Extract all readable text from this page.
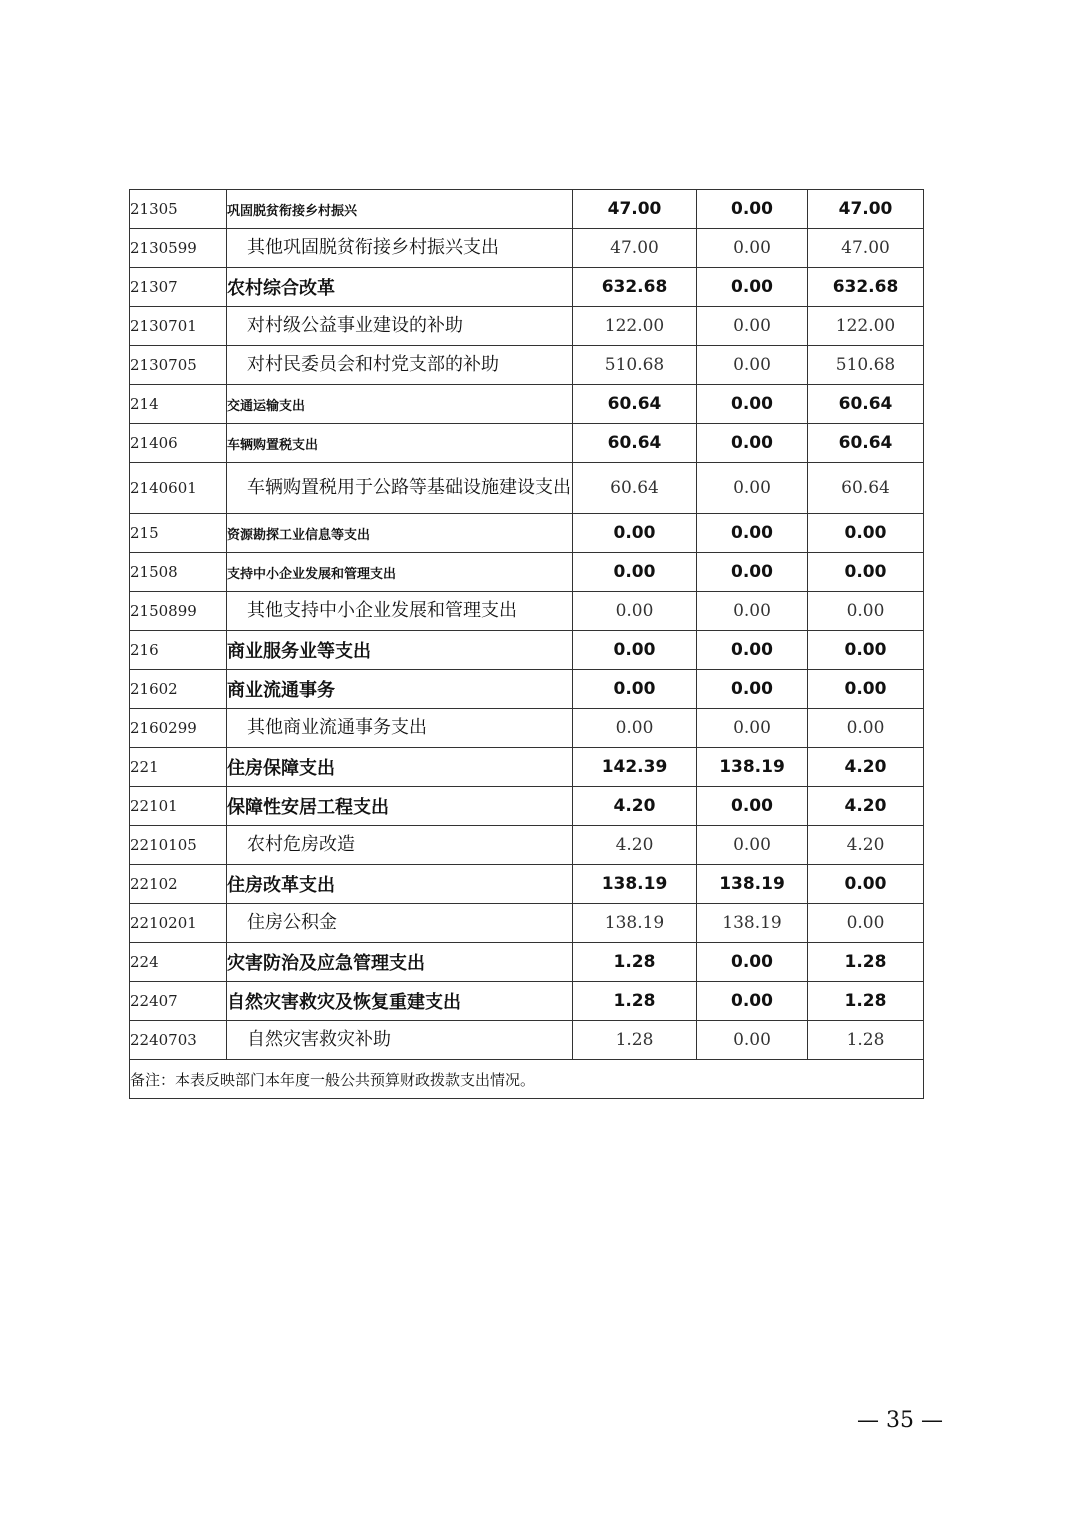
21305	巩固脱贫衔接乡村振兴	47.00	0.00	47.00
2130599	其他巩固脱贫衔接乡村振兴支出	47.00	0.00	47.00
21307	农村综合改革	632.68	0.00	632.68
2130701	对村级公益事业建设的补助	122.00	0.00	122.00
2130705	对村民委员会和村党支部的补助	510.68	0.00	510.68
214	交通运输支出	60.64	0.00	60.64
21406	车辆购置税支出	60.64	0.00	60.64
2140601	车辆购置税用于公路等基础设施建设支出	60.64	0.00	60.64
215	资源勘探工业信息等支出	0.00	0.00	0.00
21508	支持中小企业发展和管理支出	0.00	0.00	0.00
2150899	其他支持中小企业发展和管理支出	0.00	0.00	0.00
216	商业服务业等支出	0.00	0.00	0.00
21602	商业流通事务	0.00	0.00	0.00
2160299	其他商业流通事务支出	0.00	0.00	0.00
221	住房保障支出	142.39	138.19	4.20
22101	保障性安居工程支出	4.20	0.00	4.20
2210105	农村危房改造	4.20	0.00	4.20
22102	住房改革支出	138.19	138.19	0.00
2210201	住房公积金	138.19	138.19	0.00
224	灾害防治及应急管理支出	1.28	0.00	1.28
22407	自然灾害救灾及恢复重建支出	1.28	0.00	1.28
2240703	自然灾害救灾补助	1.28	0.00	1.28
备注：本表反映部门本年度一般公共预算财政拨款支出情况。				
— 35 —
